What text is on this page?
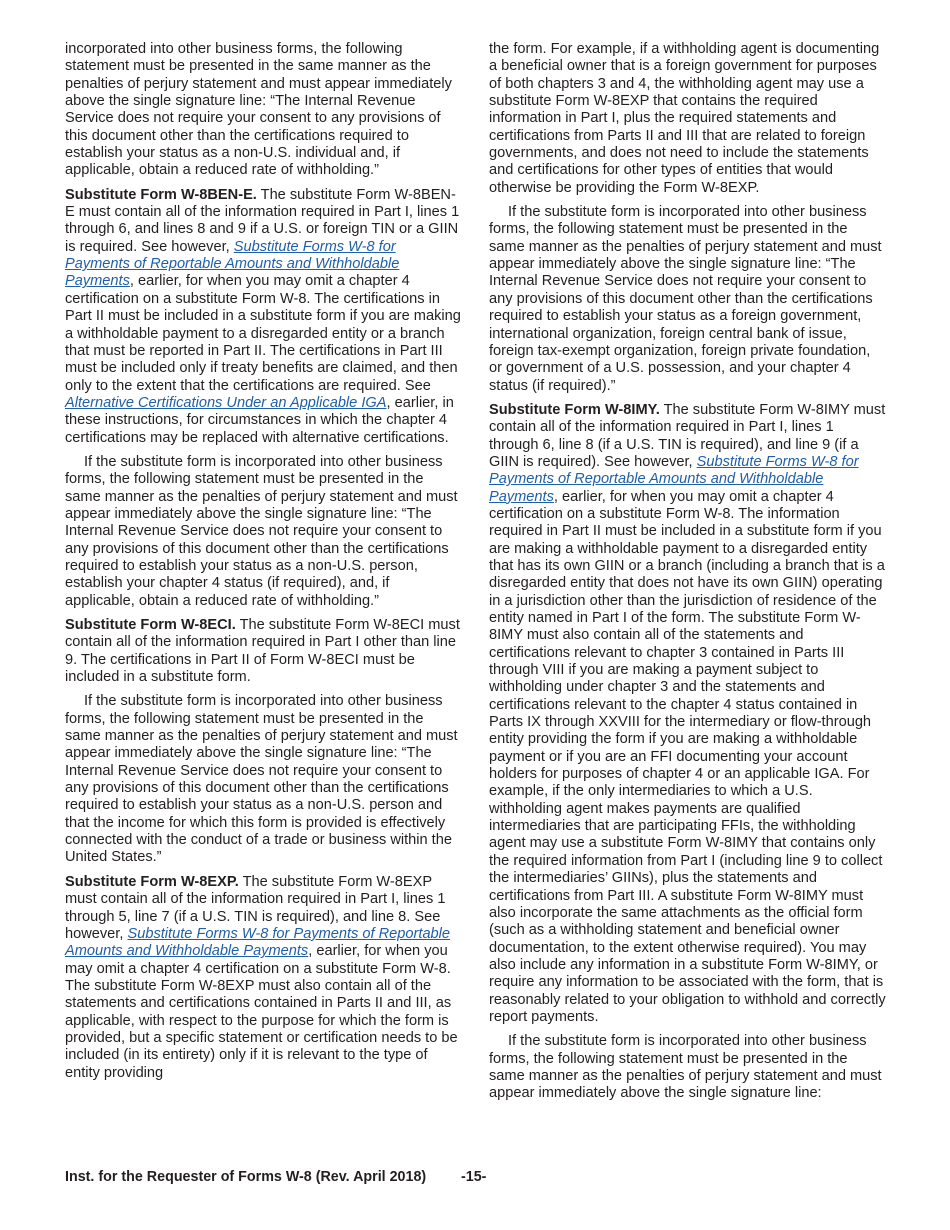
incorporated into other business forms, the following statement must be presented in the same manner as the penalties of perjury statement and must appear immediately above the single signature line: “The Internal Revenue Service does not require your consent to any provisions of this document other than the certifications required to establish your status as a non-U.S. individual and, if applicable, obtain a reduced rate of withholding.”

Substitute Form W-8BEN-E. The substitute Form W-8BEN-E must contain all of the information required in Part I, lines 1 through 6, and lines 8 and 9 if a U.S. or foreign TIN or a GIIN is required. See however, Substitute Forms W-8 for Payments of Reportable Amounts and Withholdable Payments, earlier, for when you may omit a chapter 4 certification on a substitute Form W-8. The certifications in Part II must be included in a substitute form if you are making a withholdable payment to a disregarded entity or a branch that must be reported in Part II. The certifications in Part III must be included only if treaty benefits are claimed, and then only to the extent that the certifications are required. See Alternative Certifications Under an Applicable IGA, earlier, in these instructions, for circumstances in which the chapter 4 certifications may be replaced with alternative certifications.

If the substitute form is incorporated into other business forms, the following statement must be presented in the same manner as the penalties of perjury statement and must appear immediately above the single signature line: “The Internal Revenue Service does not require your consent to any provisions of this document other than the certifications required to establish your status as a non-U.S. person, establish your chapter 4 status (if required), and, if applicable, obtain a reduced rate of withholding.”

Substitute Form W-8ECI. The substitute Form W-8ECI must contain all of the information required in Part I other than line 9. The certifications in Part II of Form W-8ECI must be included in a substitute form.

If the substitute form is incorporated into other business forms, the following statement must be presented in the same manner as the penalties of perjury statement and must appear immediately above the single signature line: “The Internal Revenue Service does not require your consent to any provisions of this document other than the certifications required to establish your status as a non-U.S. person and that the income for which this form is provided is effectively connected with the conduct of a trade or business within the United States.”

Substitute Form W-8EXP. The substitute Form W-8EXP must contain all of the information required in Part I, lines 1 through 5, line 7 (if a U.S. TIN is required), and line 8. See however, Substitute Forms W-8 for Payments of Reportable Amounts and Withholdable Payments, earlier, for when you may omit a chapter 4 certification on a substitute Form W-8. The substitute Form W-8EXP must also contain all of the statements and certifications contained in Parts II and III, as applicable, with respect to the purpose for which the form is provided, but a specific statement or certification needs to be included (in its entirety) only if it is relevant to the type of entity providing

the form. For example, if a withholding agent is documenting a beneficial owner that is a foreign government for purposes of both chapters 3 and 4, the withholding agent may use a substitute Form W-8EXP that contains the required information in Part I, plus the required statements and certifications from Parts II and III that are related to foreign governments, and does not need to include the statements and certifications for other types of entities that would otherwise be providing the Form W-8EXP.

If the substitute form is incorporated into other business forms, the following statement must be presented in the same manner as the penalties of perjury statement and must appear immediately above the single signature line: “The Internal Revenue Service does not require your consent to any provisions of this document other than the certifications required to establish your status as a foreign government, international organization, foreign central bank of issue, foreign tax-exempt organization, foreign private foundation, or government of a U.S. possession, and your chapter 4 status (if required).”

Substitute Form W-8IMY. The substitute Form W-8IMY must contain all of the information required in Part I, lines 1 through 6, line 8 (if a U.S. TIN is required), and line 9 (if a GIIN is required). See however, Substitute Forms W-8 for Payments of Reportable Amounts and Withholdable Payments, earlier, for when you may omit a chapter 4 certification on a substitute Form W-8. The information required in Part II must be included in a substitute form if you are making a withholdable payment to a disregarded entity that has its own GIIN or a branch (including a branch that is a disregarded entity that does not have its own GIIN) operating in a jurisdiction other than the jurisdiction of residence of the entity named in Part I of the form. The substitute Form W-8IMY must also contain all of the statements and certifications relevant to chapter 3 contained in Parts III through VIII if you are making a payment subject to withholding under chapter 3 and the statements and certifications relevant to the chapter 4 status contained in Parts IX through XXVIII for the intermediary or flow-through entity providing the form if you are making a withholdable payment or if you are an FFI documenting your account holders for purposes of chapter 4 or an applicable IGA. For example, if the only intermediaries to which a U.S. withholding agent makes payments are qualified intermediaries that are participating FFIs, the withholding agent may use a substitute Form W-8IMY that contains only the required information from Part I (including line 9 to collect the intermediaries’ GIINs), plus the statements and certifications from Part III. A substitute Form W-8IMY must also incorporate the same attachments as the official form (such as a withholding statement and beneficial owner documentation, to the extent otherwise required). You may also include any information in a substitute Form W-8IMY, or require any information to be associated with the form, that is reasonably related to your obligation to withhold and correctly report payments.

If the substitute form is incorporated into other business forms, the following statement must be presented in the same manner as the penalties of perjury statement and must appear immediately above the single signature line:

Inst. for the Requester of Forms W-8 (Rev. April 2018) -15-
